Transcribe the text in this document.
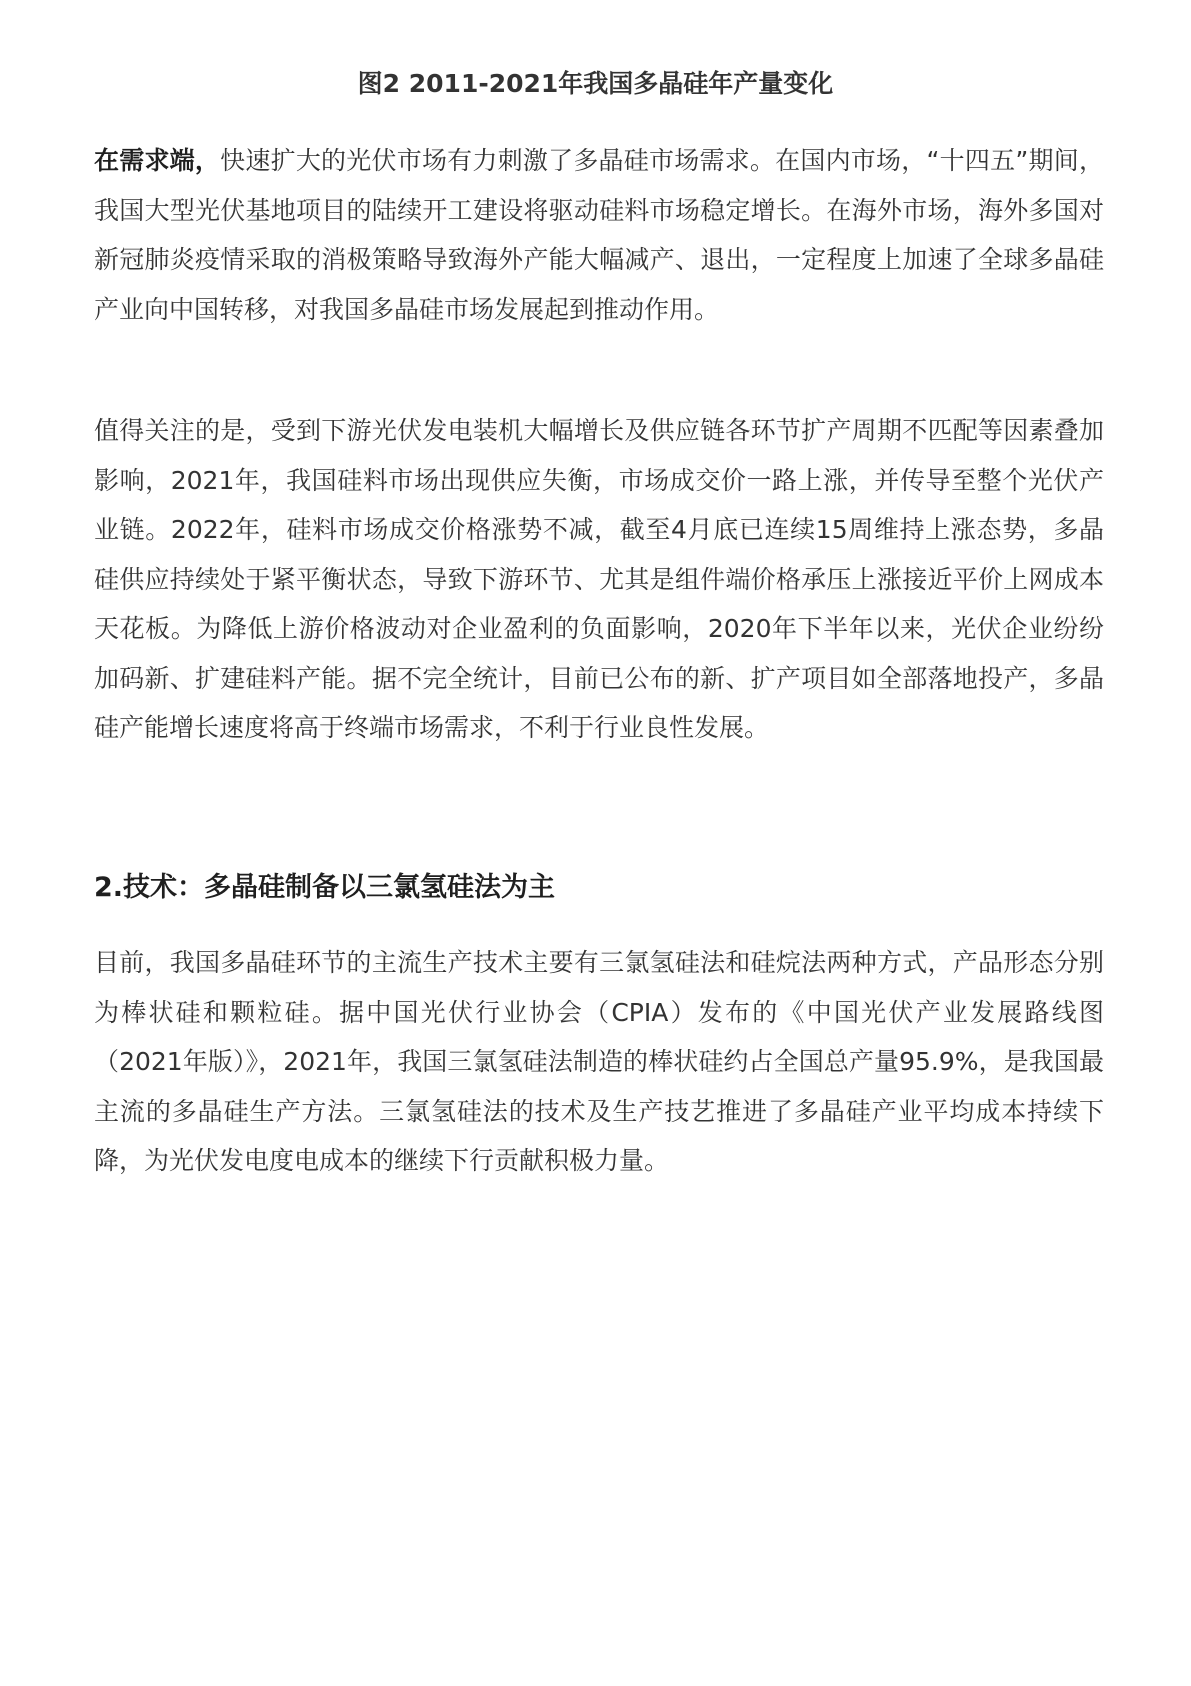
图2 2011-2021年我国多晶硅年产量变化

在需求端，快速扩大的光伏市场有力刺激了多晶硅市场需求。在国内市场，“十四五”期间，我国大型光伏基地项目的陆续开工建设将驱动硅料市场稳定增长。在海外市场，海外多国对新冠肺炎疫情采取的消极策略导致海外产能大幅减产、退出，一定程度上加速了全球多晶硅产业向中国转移，对我国多晶硅市场发展起到推动作用。

值得关注的是，受到下游光伏发电装机大幅增长及供应链各环节扩产周期不匹配等因素叠加影响，2021年，我国硅料市场出现供应失衡，市场成交价一路上涨，并传导至整个光伏产业链。2022年，硅料市场成交价格涨势不减，截至4月底已连续15周维持上涨态势，多晶硅供应持续处于紧平衡状态，导致下游环节、尤其是组件端价格承压上涨接近平价上网成本天花板。为降低上游价格波动对企业盈利的负面影响，2020年下半年以来，光伏企业纷纷加码新、扩建硅料产能。据不完全统计，目前已公布的新、扩产项目如全部落地投产，多晶硅产能增长速度将高于终端市场需求，不利于行业良性发展。

2.技术：多晶硅制备以三氯氢硅法为主

目前，我国多晶硅环节的主流生产技术主要有三氯氢硅法和硅烷法两种方式，产品形态分别为棒状硅和颗粒硅。据中国光伏行业协会（CPIA）发布的《中国光伏产业发展路线图（2021年版）》，2021年，我国三氯氢硅法制造的棒状硅约占全国总产量95.9%，是我国最主流的多晶硅生产方法。三氯氢硅法的技术及生产技艺推进了多晶硅产业平均成本持续下降，为光伏发电度电成本的继续下行贡献积极力量。
